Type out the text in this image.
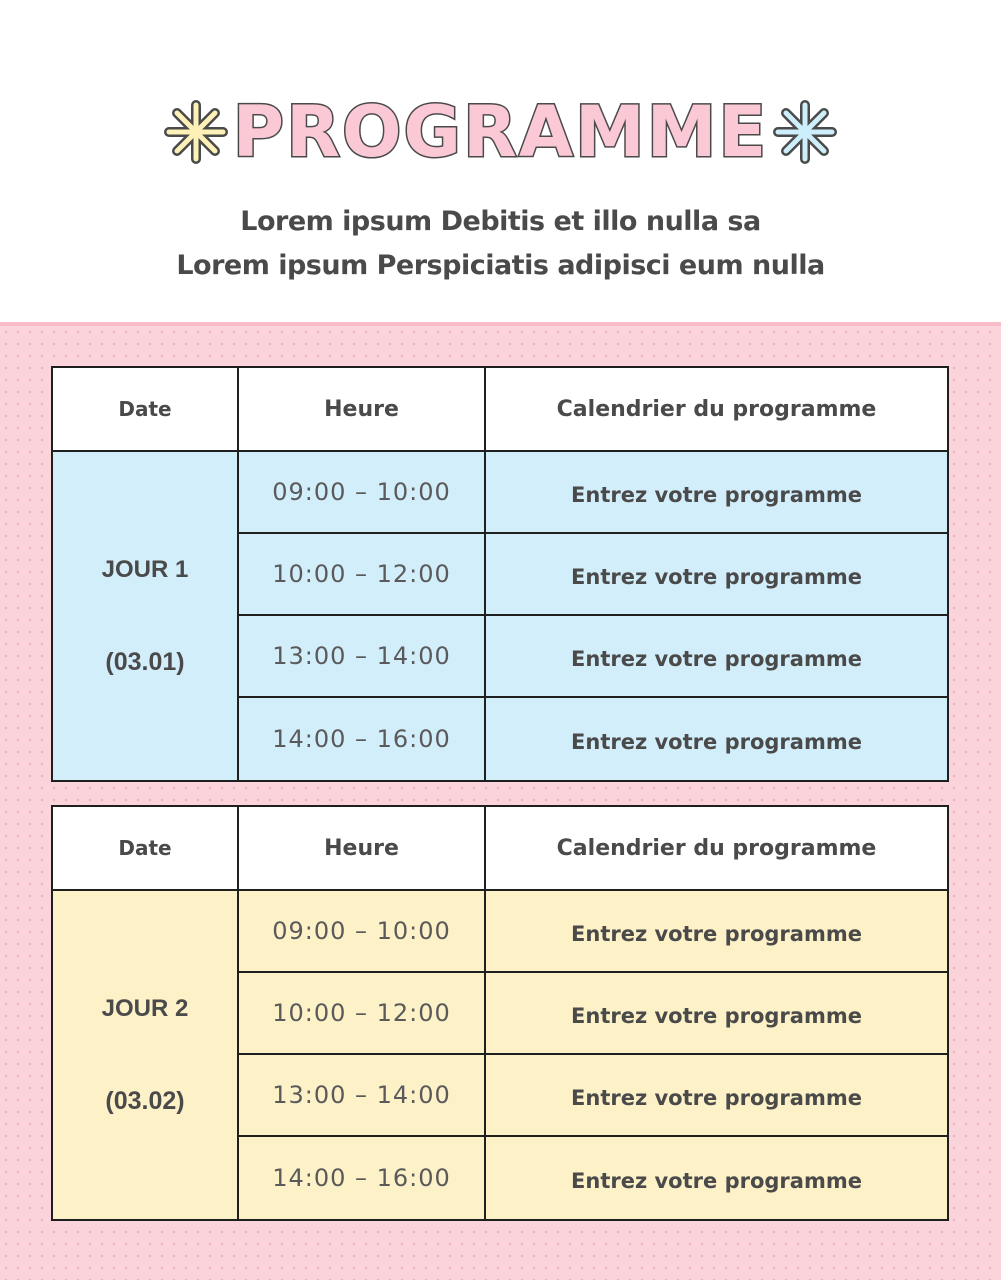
PROGRAMME
Lorem ipsum Debitis et illo nulla sa
Lorem ipsum Perspiciatis adipisci eum nulla
Date	Heure	Calendrier du programme
JOUR 1
(03.01)
09:00 – 10:00	Entrez votre programme
10:00 – 12:00	Entrez votre programme
13:00 – 14:00	Entrez votre programme
14:00 – 16:00	Entrez votre programme
Date	Heure	Calendrier du programme
JOUR 2
(03.02)
09:00 – 10:00	Entrez votre programme
10:00 – 12:00	Entrez votre programme
13:00 – 14:00	Entrez votre programme
14:00 – 16:00	Entrez votre programme
